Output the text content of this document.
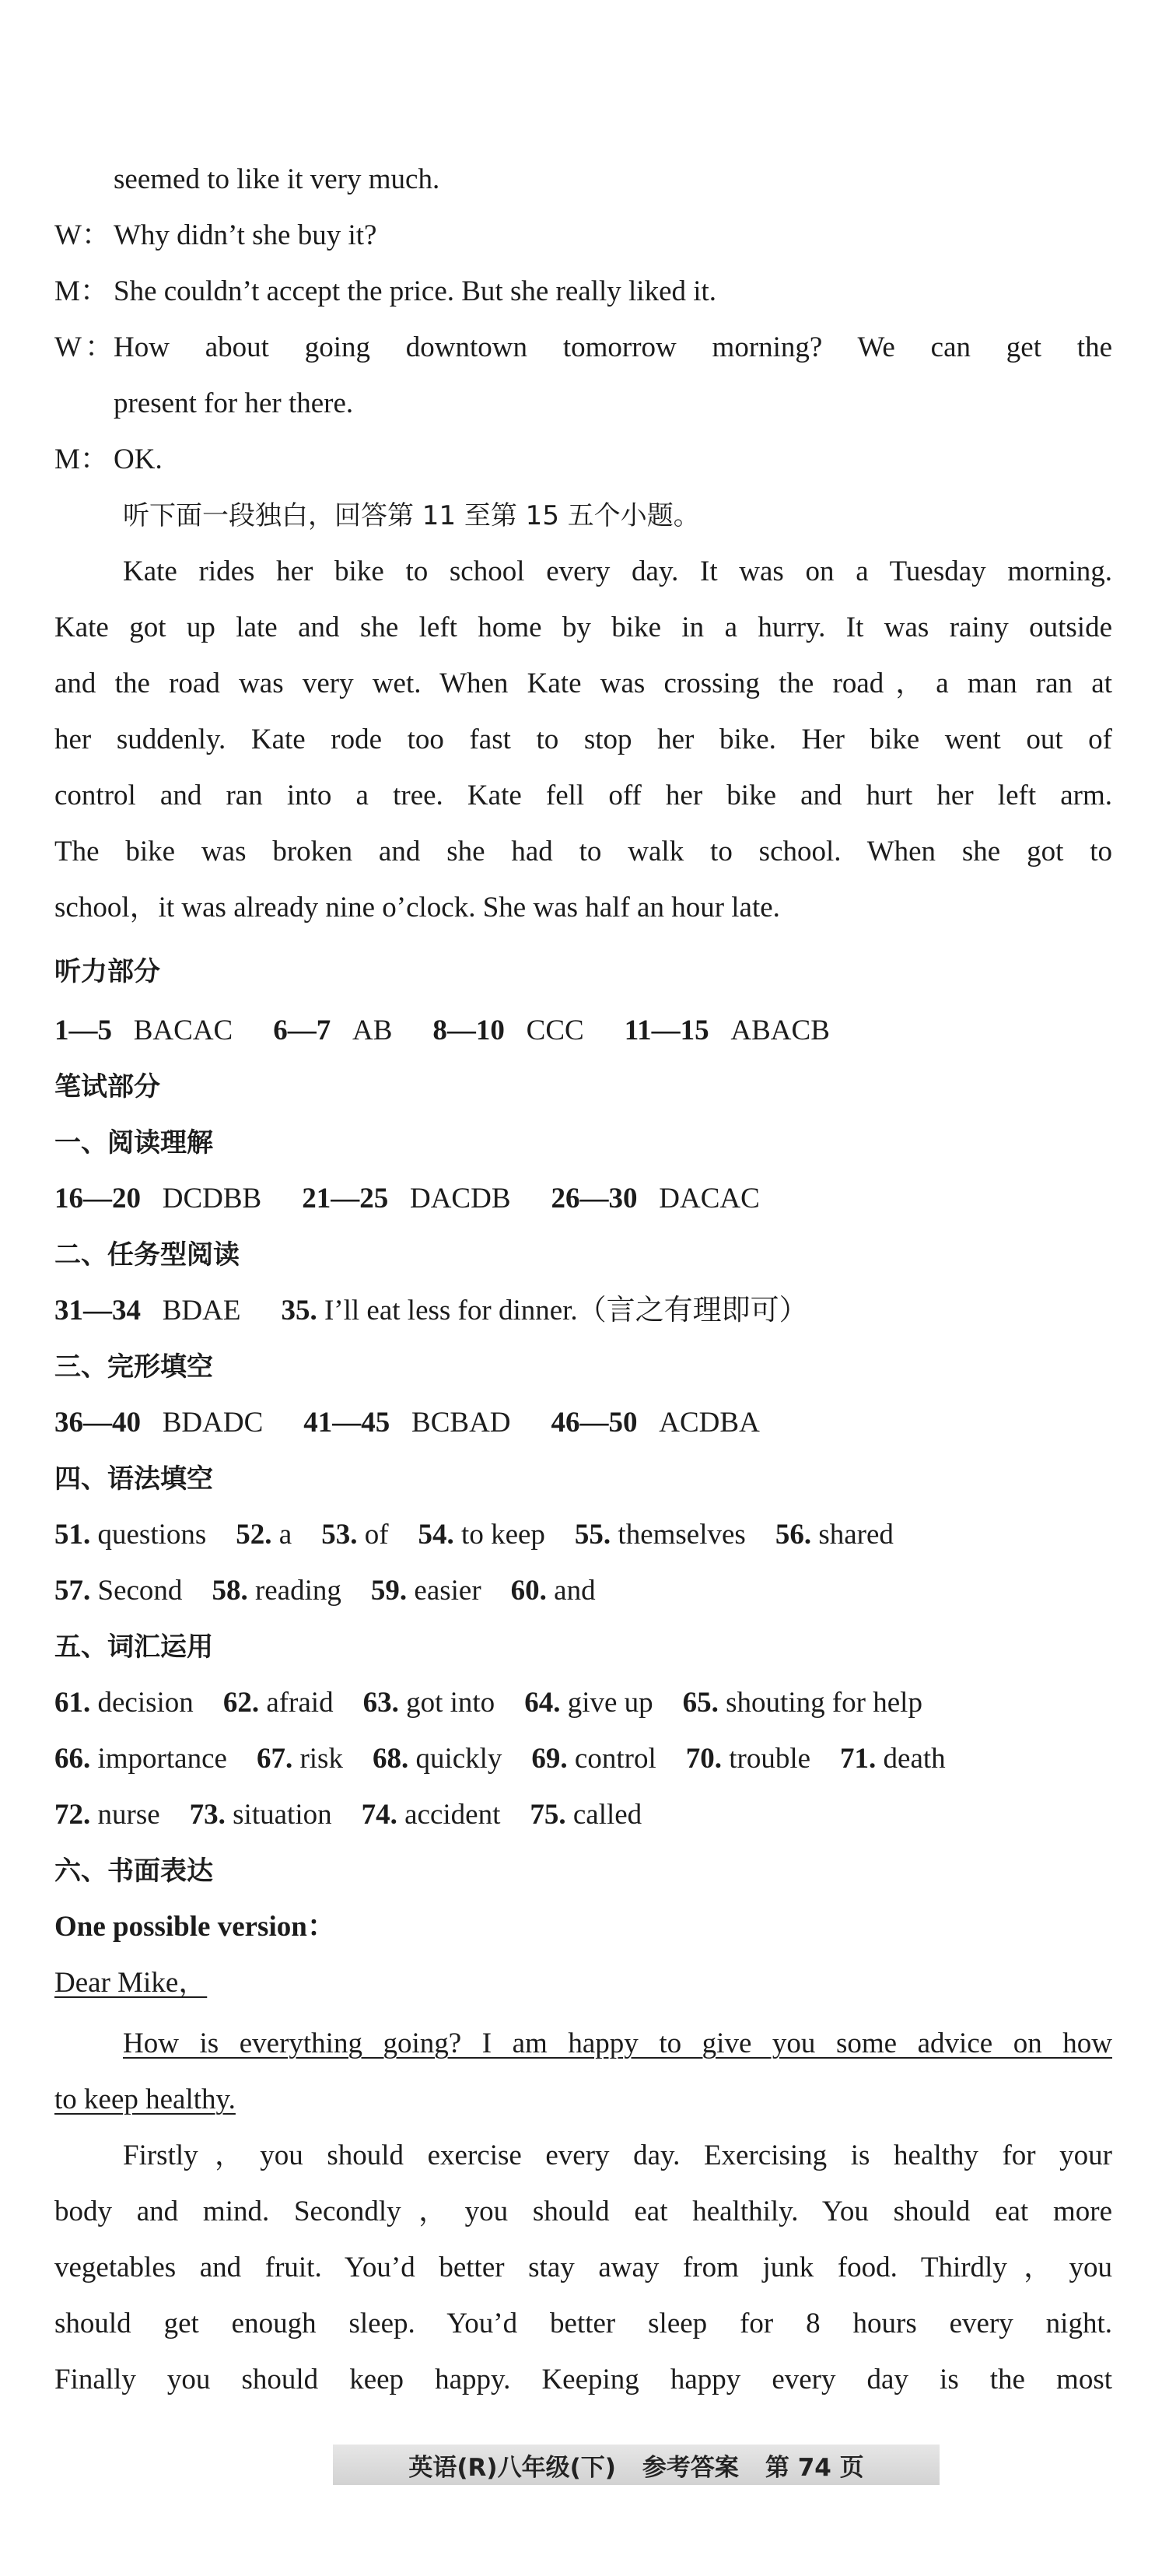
seemed to like it very much.
W： Why didn’t she buy it?
M： She couldn’t accept the price. But she really liked it.
W：How about going downtown tomorrow morning? We can get the
present for her there.
M： OK.
听下面一段独白，回答第 11 至第 15 五个小题。
Kate rides her bike to school every day. It was on a Tuesday morning.
Kate got up late and she left home by bike in a hurry. It was rainy outside
and the road was very wet. When Kate was crossing the road，a man ran at
her suddenly. Kate rode too fast to stop her bike. Her bike went out of
control and ran into a tree. Kate fell off her bike and hurt her left arm.
The bike was broken and she had to walk to school. When she got to
school，it was already nine o’clock. She was half an hour late.
听力部分
1—5 BACAC 6—7 AB 8—10 CCC 11—15 ABACB
笔试部分
一、阅读理解
16—20 DCDBB 21—25 DACDB 26—30 DACAC
二、任务型阅读
31—34 BDAE 35. I’ll eat less for dinner.（言之有理即可）
三、完形填空
36—40 BDADC 41—45 BCBAD 46—50 ACDBA
四、语法填空
51. questions 52. a 53. of 54. to keep 55. themselves 56. shared
57. Second 58. reading 59. easier 60. and
五、词汇运用
61. decision 62. afraid 63. got into 64. give up 65. shouting for help
66. importance 67. risk 68. quickly 69. control 70. trouble 71. death
72. nurse 73. situation 74. accident 75. called
六、书面表达
One possible version：
Dear Mike，
How is everything going? I am happy to give you some advice on how
to keep healthy.
Firstly，you should exercise every day. Exercising is healthy for your
body and mind. Secondly，you should eat healthily. You should eat more
vegetables and fruit. You’d better stay away from junk food. Thirdly，you
should get enough sleep. You’d better sleep for 8 hours every night.
Finally you should keep happy. Keeping happy every day is the most
英语(R)八年级(下) 参考答案 第 74 页
